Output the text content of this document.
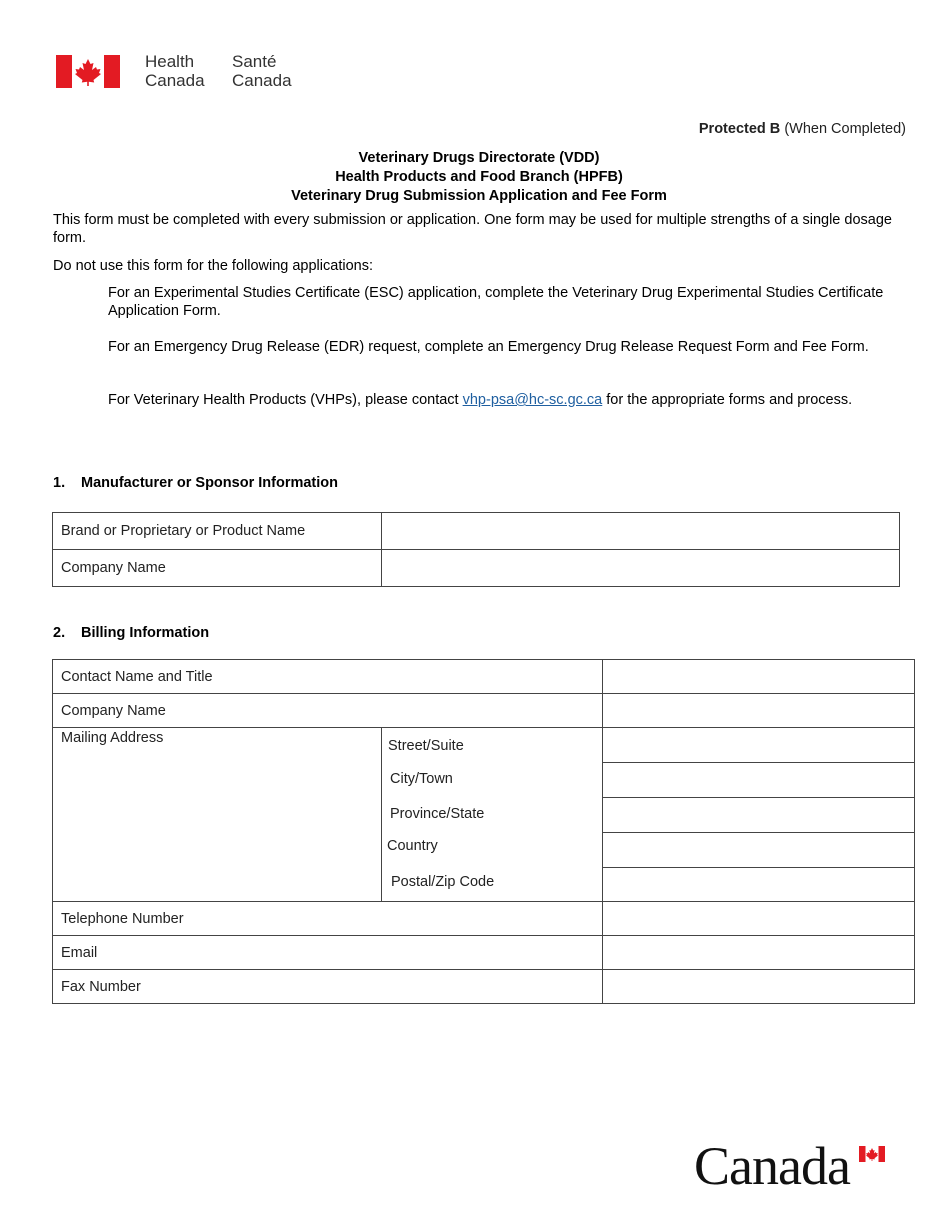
Health
Canada
Santé
Canada
Protected B (When Completed)
Veterinary Drugs Directorate (VDD)
Health Products and Food Branch (HPFB)
Veterinary Drug Submission Application and Fee Form
This form must be completed with every submission or application. One form may be used for multiple strengths of a single dosage form.
Do not use this form for the following applications:
For an Experimental Studies Certificate (ESC) application, complete the Veterinary Drug Experimental Studies Certificate Application Form.
For an Emergency Drug Release (EDR) request, complete an Emergency Drug Release Request Form and Fee Form.
For Veterinary Health Products (VHPs), please contact vhp-psa@hc-sc.gc.ca for the appropriate forms and process.
1. Manufacturer or Sponsor Information
Brand or Proprietary or Product Name	
Company Name	
2. Billing Information
Contact Name and Title	
Company Name	
Mailing Address	Street/Suite
City/Town
Province/State
Country
Postal/Zip Code

Telephone Number	
Email	
Fax Number	
Canada
